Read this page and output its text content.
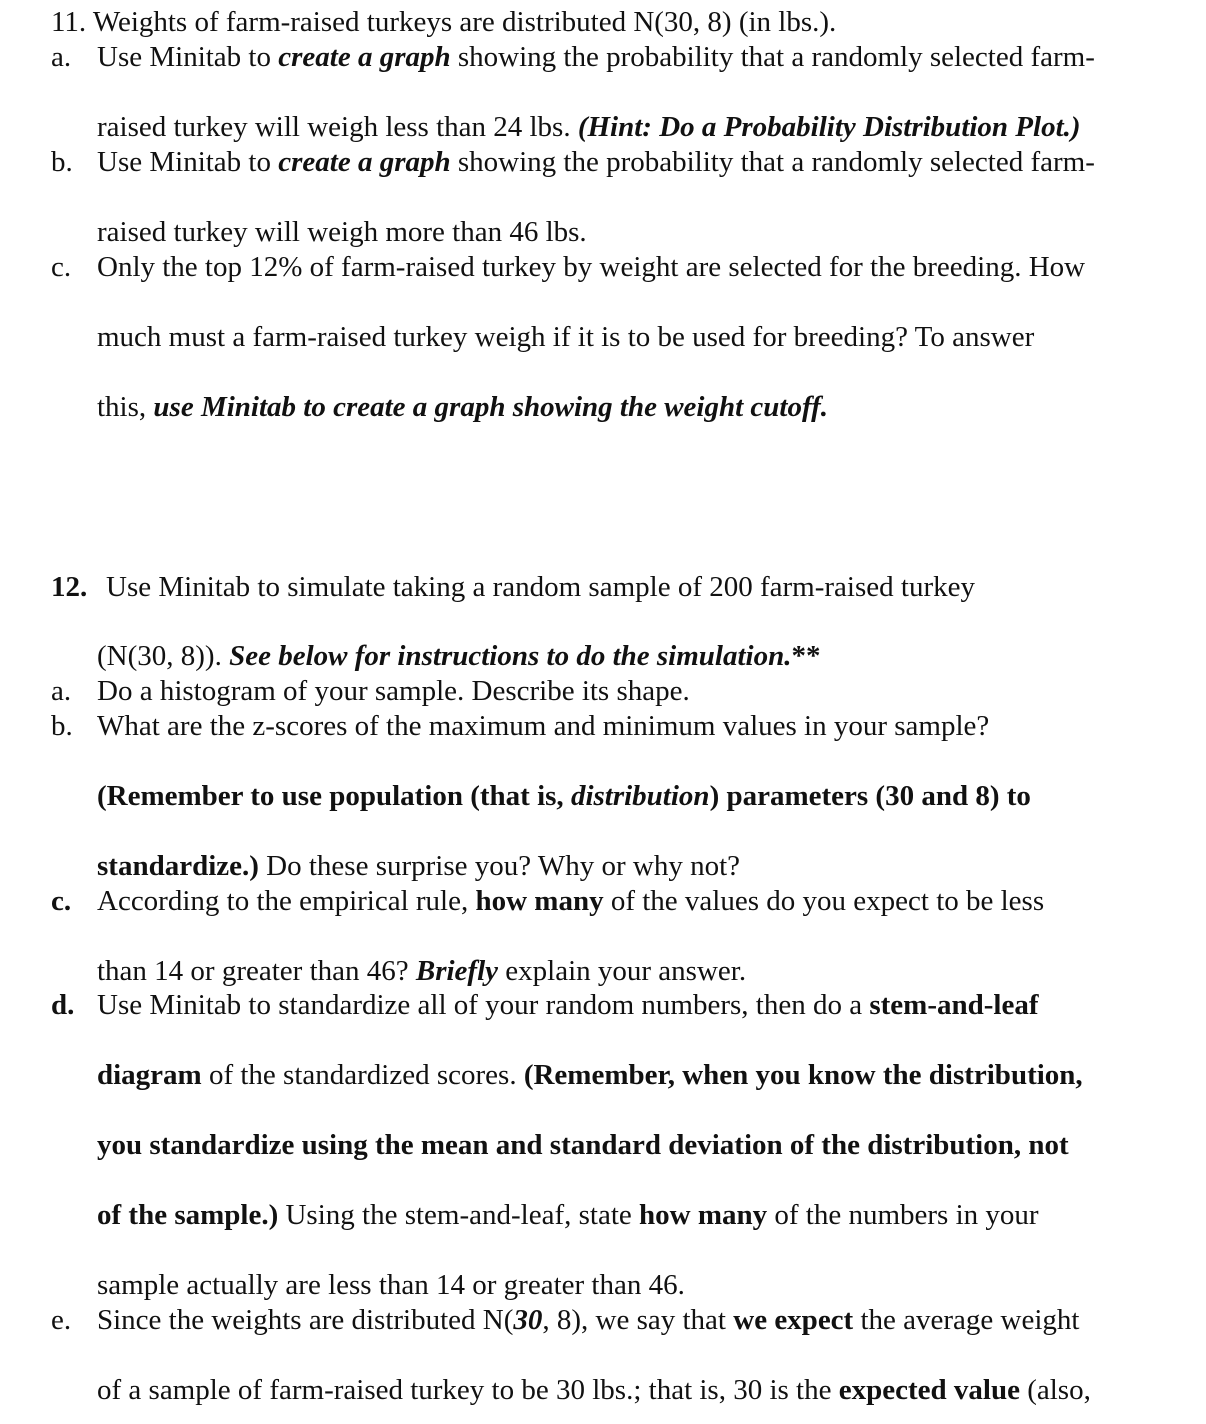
11. Weights of farm-raised turkeys are distributed N(30, 8) (in lbs.).
a. Use Minitab to create a graph showing the probability that a randomly selected farm-
raised turkey will weigh less than 24 lbs. (Hint: Do a Probability Distribution Plot.)
b. Use Minitab to create a graph showing the probability that a randomly selected farm-
raised turkey will weigh more than 46 lbs.
c. Only the top 12% of farm-raised turkey by weight are selected for the breeding. How
much must a farm-raised turkey weigh if it is to be used for breeding? To answer
this, use Minitab to create a graph showing the weight cutoff.
12. Use Minitab to simulate taking a random sample of 200 farm-raised turkey
(N(30, 8)). See below for instructions to do the simulation.**
a. Do a histogram of your sample. Describe its shape.
b. What are the z-scores of the maximum and minimum values in your sample?
(Remember to use population (that is, distribution) parameters (30 and 8) to
standardize.) Do these surprise you? Why or why not?
c. According to the empirical rule, how many of the values do you expect to be less
than 14 or greater than 46? Briefly explain your answer.
d. Use Minitab to standardize all of your random numbers, then do a stem-and-leaf
diagram of the standardized scores. (Remember, when you know the distribution,
you standardize using the mean and standard deviation of the distribution, not
of the sample.) Using the stem-and-leaf, state how many of the numbers in your
sample actually are less than 14 or greater than 46.
e. Since the weights are distributed N(30, 8), we say that we expect the average weight
of a sample of farm-raised turkey to be 30 lbs.; that is, 30 is the expected value (also,
